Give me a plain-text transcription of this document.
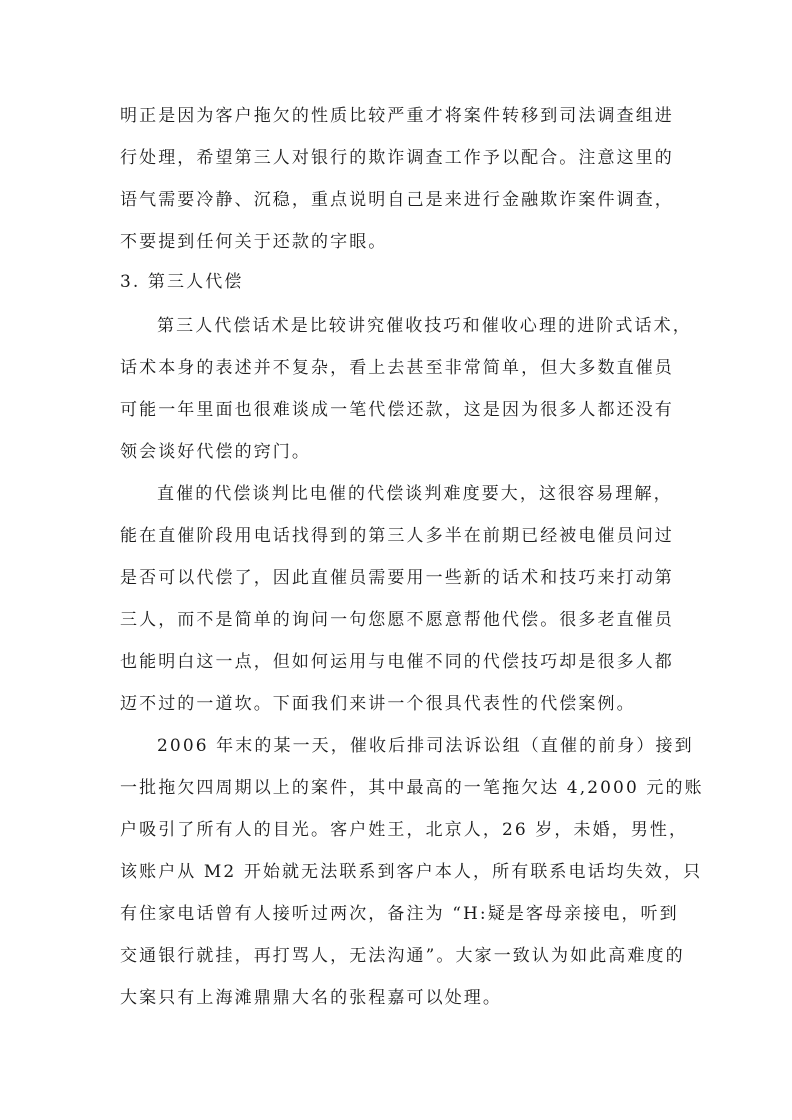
明正是因为客户拖欠的性质比较严重才将案件转移到司法调查组进
行处理，希望第三人对银行的欺诈调查工作予以配合。注意这里的
语气需要冷静、沉稳，重点说明自己是来进行金融欺诈案件调查，
不要提到任何关于还款的字眼。
3. 第三人代偿
第三人代偿话术是比较讲究催收技巧和催收心理的进阶式话术，
话术本身的表述并不复杂，看上去甚至非常简单，但大多数直催员
可能一年里面也很难谈成一笔代偿还款，这是因为很多人都还没有
领会谈好代偿的窍门。
直催的代偿谈判比电催的代偿谈判难度要大，这很容易理解，
能在直催阶段用电话找得到的第三人多半在前期已经被电催员问过
是否可以代偿了，因此直催员需要用一些新的话术和技巧来打动第
三人，而不是简单的询问一句您愿不愿意帮他代偿。很多老直催员
也能明白这一点，但如何运用与电催不同的代偿技巧却是很多人都
迈不过的一道坎。下面我们来讲一个很具代表性的代偿案例。
2006 年末的某一天，催收后排司法诉讼组（直催的前身）接到
一批拖欠四周期以上的案件，其中最高的一笔拖欠达 4,2000 元的账
户吸引了所有人的目光。客户姓王，北京人，26 岁，未婚，男性，
该账户从 M2 开始就无法联系到客户本人，所有联系电话均失效，只
有住家电话曾有人接听过两次，备注为 “H:疑是客母亲接电，听到
交通银行就挂，再打骂人，无法沟通”。大家一致认为如此高难度的
大案只有上海滩鼎鼎大名的张程嘉可以处理。
